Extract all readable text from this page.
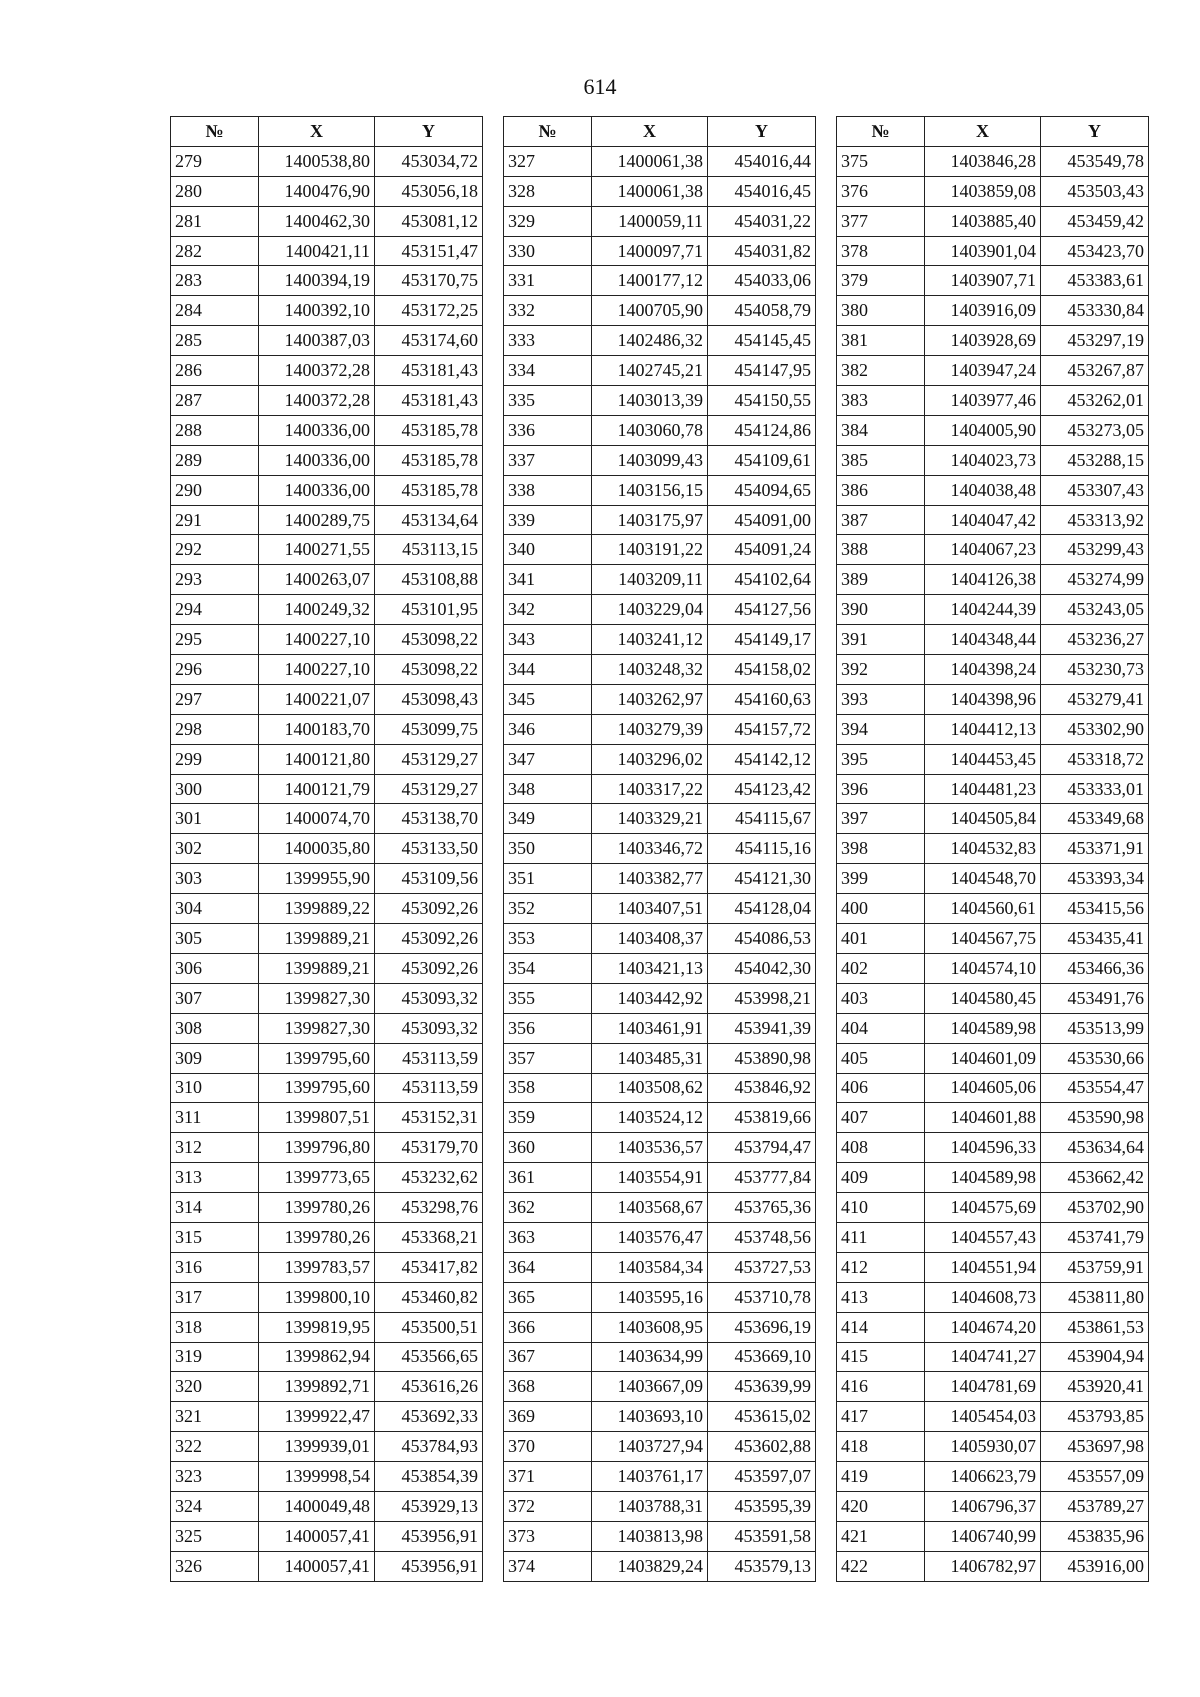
614
№	X	Y
279	1400538,80	453034,72
280	1400476,90	453056,18
281	1400462,30	453081,12
282	1400421,11	453151,47
283	1400394,19	453170,75
284	1400392,10	453172,25
285	1400387,03	453174,60
286	1400372,28	453181,43
287	1400372,28	453181,43
288	1400336,00	453185,78
289	1400336,00	453185,78
290	1400336,00	453185,78
291	1400289,75	453134,64
292	1400271,55	453113,15
293	1400263,07	453108,88
294	1400249,32	453101,95
295	1400227,10	453098,22
296	1400227,10	453098,22
297	1400221,07	453098,43
298	1400183,70	453099,75
299	1400121,80	453129,27
300	1400121,79	453129,27
301	1400074,70	453138,70
302	1400035,80	453133,50
303	1399955,90	453109,56
304	1399889,22	453092,26
305	1399889,21	453092,26
306	1399889,21	453092,26
307	1399827,30	453093,32
308	1399827,30	453093,32
309	1399795,60	453113,59
310	1399795,60	453113,59
311	1399807,51	453152,31
312	1399796,80	453179,70
313	1399773,65	453232,62
314	1399780,26	453298,76
315	1399780,26	453368,21
316	1399783,57	453417,82
317	1399800,10	453460,82
318	1399819,95	453500,51
319	1399862,94	453566,65
320	1399892,71	453616,26
321	1399922,47	453692,33
322	1399939,01	453784,93
323	1399998,54	453854,39
324	1400049,48	453929,13
325	1400057,41	453956,91
326	1400057,41	453956,91
№	X	Y
327	1400061,38	454016,44
328	1400061,38	454016,45
329	1400059,11	454031,22
330	1400097,71	454031,82
331	1400177,12	454033,06
332	1400705,90	454058,79
333	1402486,32	454145,45
334	1402745,21	454147,95
335	1403013,39	454150,55
336	1403060,78	454124,86
337	1403099,43	454109,61
338	1403156,15	454094,65
339	1403175,97	454091,00
340	1403191,22	454091,24
341	1403209,11	454102,64
342	1403229,04	454127,56
343	1403241,12	454149,17
344	1403248,32	454158,02
345	1403262,97	454160,63
346	1403279,39	454157,72
347	1403296,02	454142,12
348	1403317,22	454123,42
349	1403329,21	454115,67
350	1403346,72	454115,16
351	1403382,77	454121,30
352	1403407,51	454128,04
353	1403408,37	454086,53
354	1403421,13	454042,30
355	1403442,92	453998,21
356	1403461,91	453941,39
357	1403485,31	453890,98
358	1403508,62	453846,92
359	1403524,12	453819,66
360	1403536,57	453794,47
361	1403554,91	453777,84
362	1403568,67	453765,36
363	1403576,47	453748,56
364	1403584,34	453727,53
365	1403595,16	453710,78
366	1403608,95	453696,19
367	1403634,99	453669,10
368	1403667,09	453639,99
369	1403693,10	453615,02
370	1403727,94	453602,88
371	1403761,17	453597,07
372	1403788,31	453595,39
373	1403813,98	453591,58
374	1403829,24	453579,13
№	X	Y
375	1403846,28	453549,78
376	1403859,08	453503,43
377	1403885,40	453459,42
378	1403901,04	453423,70
379	1403907,71	453383,61
380	1403916,09	453330,84
381	1403928,69	453297,19
382	1403947,24	453267,87
383	1403977,46	453262,01
384	1404005,90	453273,05
385	1404023,73	453288,15
386	1404038,48	453307,43
387	1404047,42	453313,92
388	1404067,23	453299,43
389	1404126,38	453274,99
390	1404244,39	453243,05
391	1404348,44	453236,27
392	1404398,24	453230,73
393	1404398,96	453279,41
394	1404412,13	453302,90
395	1404453,45	453318,72
396	1404481,23	453333,01
397	1404505,84	453349,68
398	1404532,83	453371,91
399	1404548,70	453393,34
400	1404560,61	453415,56
401	1404567,75	453435,41
402	1404574,10	453466,36
403	1404580,45	453491,76
404	1404589,98	453513,99
405	1404601,09	453530,66
406	1404605,06	453554,47
407	1404601,88	453590,98
408	1404596,33	453634,64
409	1404589,98	453662,42
410	1404575,69	453702,90
411	1404557,43	453741,79
412	1404551,94	453759,91
413	1404608,73	453811,80
414	1404674,20	453861,53
415	1404741,27	453904,94
416	1404781,69	453920,41
417	1405454,03	453793,85
418	1405930,07	453697,98
419	1406623,79	453557,09
420	1406796,37	453789,27
421	1406740,99	453835,96
422	1406782,97	453916,00
